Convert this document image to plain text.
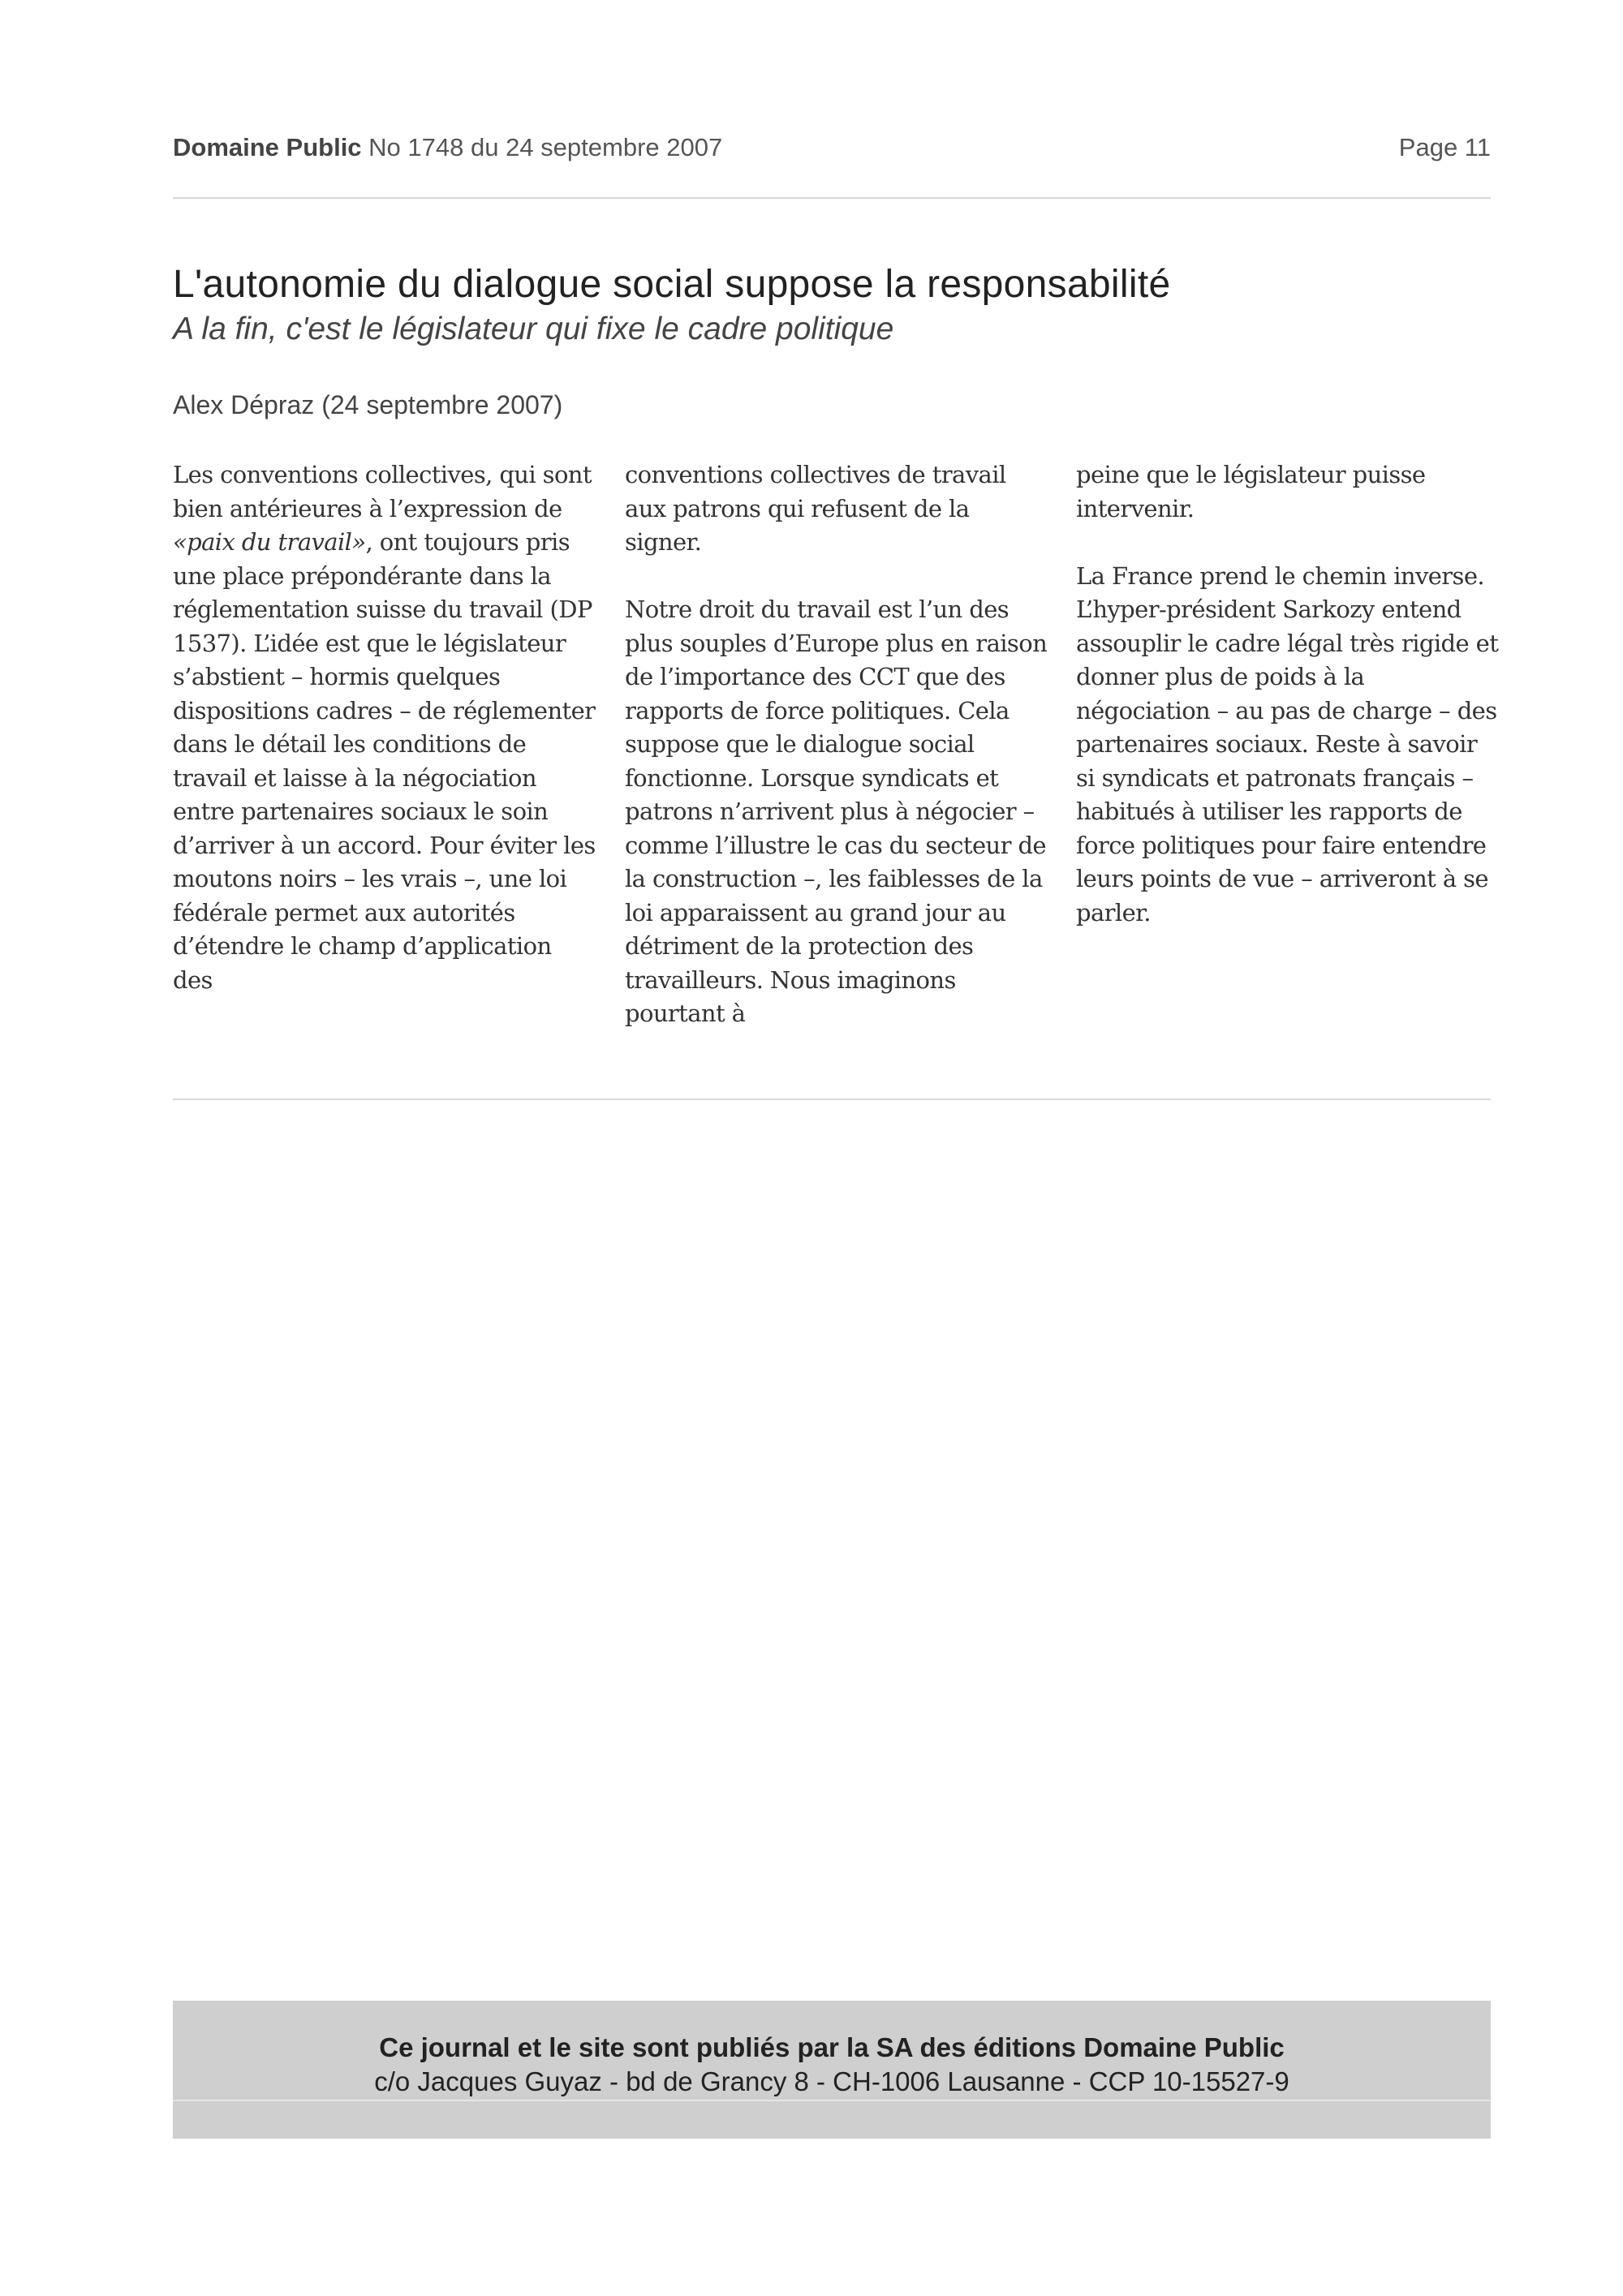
Domaine Public No 1748 du 24 septembre 2007	Page 11
L'autonomie du dialogue social suppose la responsabilité
A la fin, c'est le législateur qui fixe le cadre politique
Alex Dépraz (24 septembre 2007)

Les conventions collectives, qui sont bien antérieures à l’expression de «paix du travail», ont toujours pris une place prépondérante dans la réglementation suisse du travail (DP 1537). L’idée est que le législateur s’abstient – hormis quelques dispositions cadres – de réglementer dans le détail les conditions de travail et laisse à la négociation entre partenaires sociaux le soin d’arriver à un accord. Pour éviter les moutons noirs – les vrais –, une loi fédérale permet aux autorités d’étendre le champ d’application des

conventions collectives de travail aux patrons qui refusent de la signer.

Notre droit du travail est l’un des plus souples d’Europe plus en raison de l’importance des CCT que des rapports de force politiques. Cela suppose que le dialogue social fonctionne. Lorsque syndicats et patrons n’arrivent plus à négocier – comme l’illustre le cas du secteur de la construction –, les faiblesses de la loi apparaissent au grand jour au détriment de la protection des travailleurs. Nous imaginons pourtant à

peine que le législateur puisse intervenir.

La France prend le chemin inverse. L’hyper-président Sarkozy entend assouplir le cadre légal très rigide et donner plus de poids à la négociation – au pas de charge – des partenaires sociaux. Reste à savoir si syndicats et patronats français – habitués à utiliser les rapports de force politiques pour faire entendre leurs points de vue – arriveront à se parler.

Ce journal et le site sont publiés par la SA des éditions Domaine Public
c/o Jacques Guyaz - bd de Grancy 8 - CH-1006 Lausanne - CCP 10-15527-9
